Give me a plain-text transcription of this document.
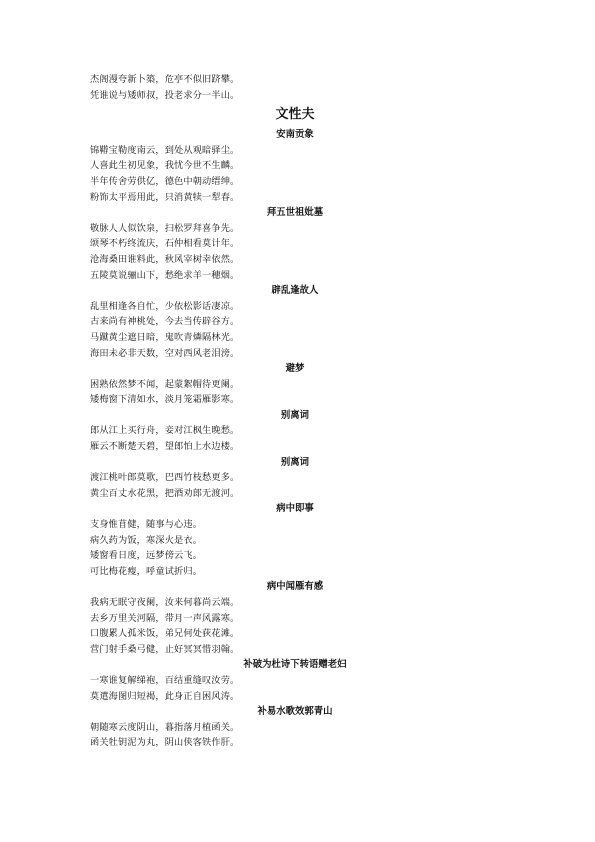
杰阁漫夸新卜築，危亭不似旧跻攀。
凭谁说与矮师叔，投老求分一半山。
文性夫
安南贡象
锦鞯宝勒度南云，到处从观暗驿尘。
人喜此生初见象，我忧今世不生麟。
半年传舍劳供亿，德色中朝动缙绅。
粉饰太平焉用此，只消黄犊一犁春。
拜五世祖妣墓
敬脉人人似饮泉，扫松罗拜喜争先。
颂琴不朽终流庆，石仲相看莫计年。
沧海桑田谁料此，秋风宰树幸依然。
五陵莫说骊山下，愁绝求羊一穗烟。
辟乱逢故人
乱里相逢各自忙，少依松影话凄凉。
古来尚有神桃处，今去当传辟谷方。
马蹴黄尘遮日暗，鬼吹青燐隔林光。
海田未必非天数，空对西风老泪滂。
避梦
困熟依然梦不闻，起蒙絮帽待更阑。
矮梅窗下清如水，淡月笼霜雁影寒。
别离词
郎从江上买行舟，妾对江枫生晚愁。
雁云不断楚天碧，望郎怕上水边楼。
别离词
渡江桃叶郎莫歌，巴西竹枝愁更多。
黄尘百丈水花黑，把酒劝郎无渡河。
病中即事
支身惟苜健，随事与心违。
病久药为饭，寒深火是衣。
矮窗看日度，远梦傍云飞。
可比梅花瘦，呼童试折归。
病中闻雁有感
我病无眠守夜阑，汝来何暮尚云端。
去乡万里关河隔，带月一声风露寒。
口腹累人孤米饭，弟兄何处荻花滩。
营门射手桑弓健，止好冥冥惜羽翰。
补破为杜诗下转语赠老妇
一寒谁复解绨袍，百结重缝叹汝劳。
莫遣海图归短褐，此身正自困风涛。
补易水歌效郭青山
朝随寒云度阴山，暮指落月植函关。
函关牡钥泥为丸，阴山侠客铁作肝。
